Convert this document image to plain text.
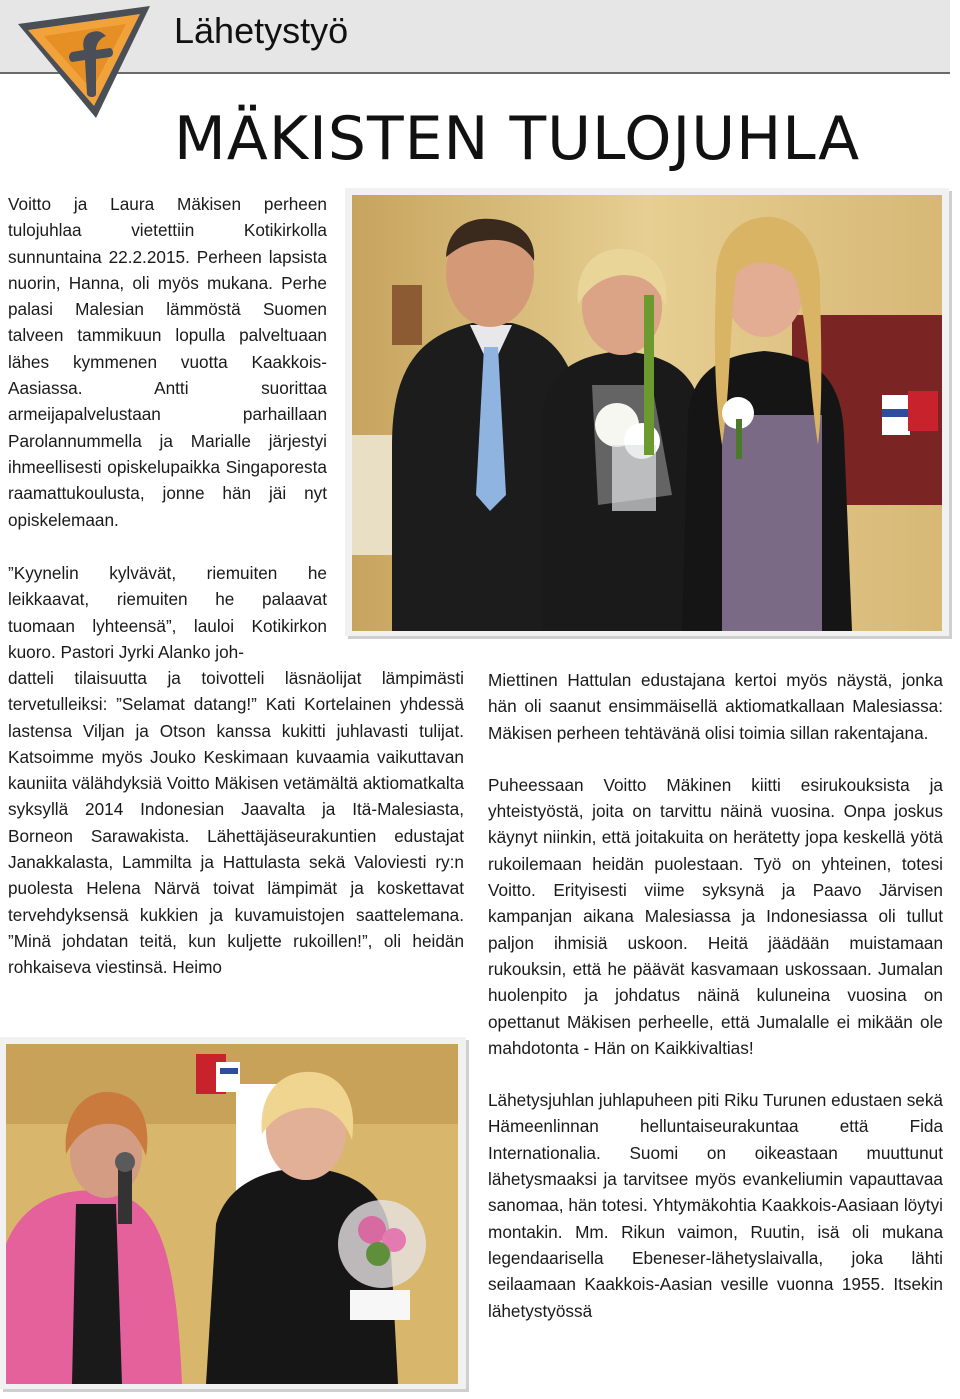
Lähetystyö
MÄKISTEN TULOJUHLA

Voitto ja Laura Mäkisen perheen tulojuhlaa vietettiin Kotikirkolla sunnuntaina 22.2.2015. Perheen lapsista nuorin, Hanna, oli myös mukana. Perhe palasi Malesian lämmöstä Suomen talveen tammikuun lopulla palveltuaan lähes kymmenen vuotta Kaakkois-Aasiassa. Antti suorittaa armeijapalvelustaan parhaillaan Parolannummella ja Marialle järjestyi ihmeellisesti opiskelupaikka Singaporesta raamattukoulusta, jonne hän jäi nyt opiskelemaan.

”Kyynelin kylvävät, riemuiten he leikkaavat, riemuiten he palaavat tuomaan lyhteensä”, lauloi Kotikirkon kuoro. Pastori Jyrki Alanko joh-

datteli tilaisuutta ja toivotteli läsnäolijat lämpimästi tervetulleiksi: ”Selamat datang!” Kati Kortelainen yhdessä lastensa Viljan ja Otson kanssa kukitti juhlavasti tulijat. Katsoimme myös Jouko Keskimaan kuvaamia vaikuttavan kauniita välähdyksiä Voitto Mäkisen vetämältä aktiomatkalta syksyllä 2014 Indonesian Jaavalta ja Itä-Malesiasta, Borneon Sarawakista. Lähettäjäseurakuntien edustajat Janakkalasta, Lammilta ja Hattulasta sekä Valoviesti ry:n puolesta Helena Närvä toivat lämpimät ja koskettavat tervehdyksensä kukkien ja kuvamuistojen saattelemana. ”Minä johdatan teitä, kun kuljette rukoillen!”, oli heidän rohkaiseva viestinsä. Heimo

Miettinen Hattulan edustajana kertoi myös näystä, jonka hän oli saanut ensimmäisellä aktiomatkallaan Malesiassa: Mäkisen perheen tehtävänä olisi toimia sillan rakentajana.

Puheessaan Voitto Mäkinen kiitti esirukouksista ja yhteistyöstä, joita on tarvittu näinä vuosina. Onpa joskus käynyt niinkin, että joitakuita on herätetty jopa keskellä yötä rukoilemaan heidän puolestaan. Työ on yhteinen, totesi Voitto. Erityisesti viime syksynä ja Paavo Järvisen kampanjan aikana Malesiassa ja Indonesiassa oli tullut paljon ihmisiä uskoon. Heitä jäädään muistamaan rukouksin, että he päävät kasvamaan uskossaan. Jumalan huolenpito ja johdatus näinä kuluneina vuosina on opettanut Mäkisen perheelle, että Jumalalle ei mikään ole mahdotonta - Hän on Kaikkivaltias!

Lähetysjuhlan juhlapuheen piti Riku Turunen edustaen sekä Hämeenlinnan helluntaiseurakuntaa että Fida Internationalia. Suomi on oikeastaan muuttunut lähetysmaaksi ja tarvitsee myös evankeliumin vapauttavaa sanomaa, hän totesi. Yhtymäkohtia Kaakkois-Aasiaan löytyi montakin. Mm. Rikun vaimon, Ruutin, isä oli mukana legendaarisella Ebeneser-lähetyslaivalla, joka lähti seilaamaan Kaakkois-Aasian vesille vuonna 1955. Itsekin lähetystyössä
